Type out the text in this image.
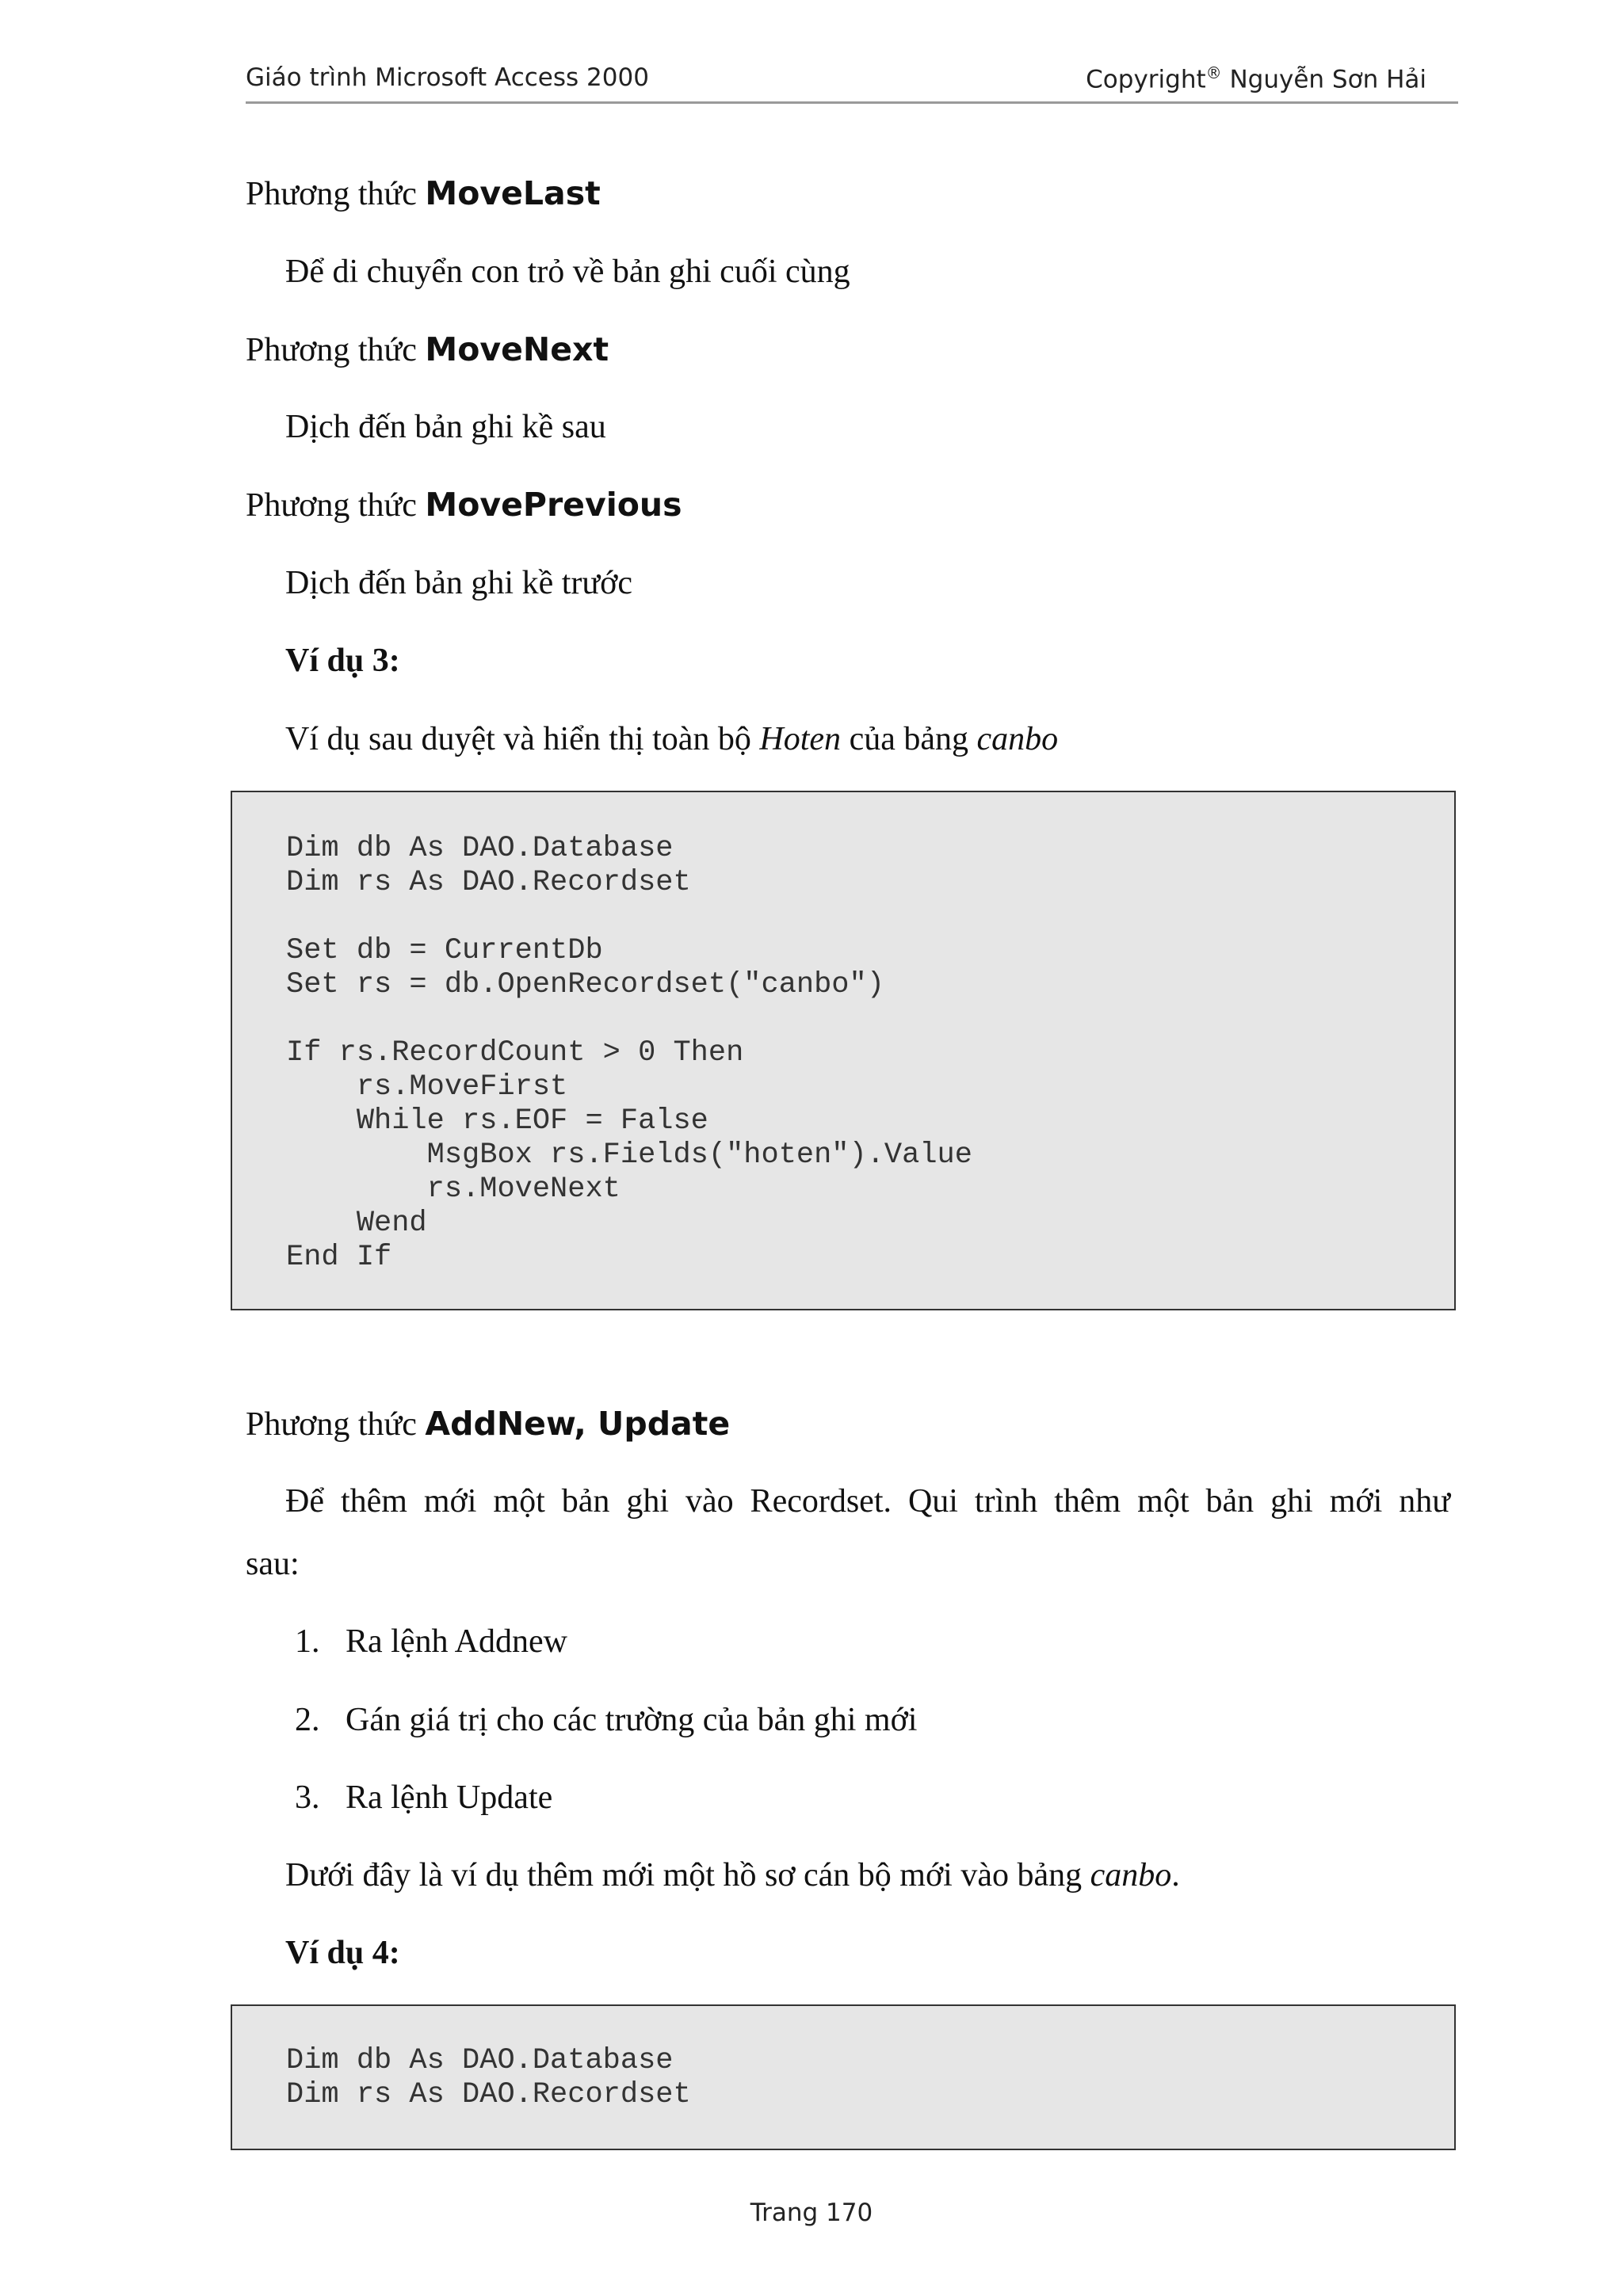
Giáo trình Microsoft Access 2000	Copyright® Nguyễn Sơn Hải
Phương thức MoveLast
Để di chuyển con trỏ về bản ghi cuối cùng
Phương thức MoveNext
Dịch đến bản ghi kề sau
Phương thức MovePrevious
Dịch đến bản ghi kề trước
Ví dụ 3:
Ví dụ sau duyệt và hiển thị toàn bộ Hoten của bảng canbo
Dim db As DAO.Database
Dim rs As DAO.Recordset

Set db = CurrentDb
Set rs = db.OpenRecordset("canbo")

If rs.RecordCount > 0 Then
rs.MoveFirst
While rs.EOF = False
MsgBox rs.Fields("hoten").Value
rs.MoveNext
Wend
End If
Phương thức AddNew, Update
Để thêm mới một bản ghi vào Recordset. Qui trình thêm một bản ghi mới như
sau:
1. Ra lệnh Addnew
2. Gán giá trị cho các trường của bản ghi mới
3. Ra lệnh Update
Dưới đây là ví dụ thêm mới một hồ sơ cán bộ mới vào bảng canbo.
Ví dụ 4:
Dim db As DAO.Database
Dim rs As DAO.Recordset
Trang 170
